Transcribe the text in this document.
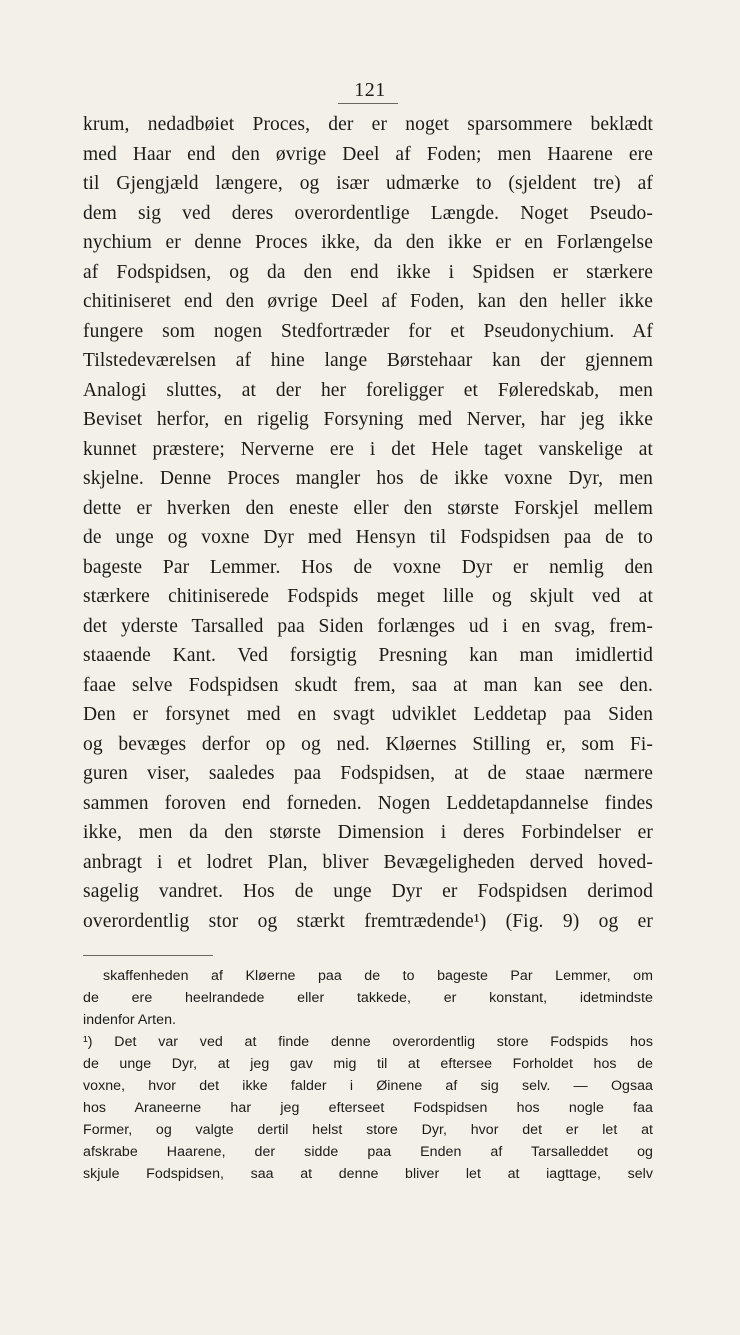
121
krum, nedadbøiet Proces, der er noget sparsommere beklædt
med Haar end den øvrige Deel af Foden; men Haarene ere
til Gjengjæld længere, og især udmærke to (sjeldent tre) af
dem sig ved deres overordentlige Længde. Noget Pseudo-
nychium er denne Proces ikke, da den ikke er en Forlængelse
af Fodspidsen, og da den end ikke i Spidsen er stærkere
chitiniseret end den øvrige Deel af Foden, kan den heller ikke
fungere som nogen Stedfortræder for et Pseudonychium. Af
Tilstedeværelsen af hine lange Børstehaar kan der gjennem
Analogi sluttes, at der her foreligger et Føleredskab, men
Beviset herfor, en rigelig Forsyning med Nerver, har jeg ikke
kunnet præstere; Nerverne ere i det Hele taget vanskelige at
skjelne. Denne Proces mangler hos de ikke voxne Dyr, men
dette er hverken den eneste eller den største Forskjel mellem
de unge og voxne Dyr med Hensyn til Fodspidsen paa de to
bageste Par Lemmer. Hos de voxne Dyr er nemlig den
stærkere chitiniserede Fodspids meget lille og skjult ved at
det yderste Tarsalled paa Siden forlænges ud i en svag, frem-
staaende Kant. Ved forsigtig Presning kan man imidlertid
faae selve Fodspidsen skudt frem, saa at man kan see den.
Den er forsynet med en svagt udviklet Leddetap paa Siden
og bevæges derfor op og ned. Kløernes Stilling er, som Fi-
guren viser, saaledes paa Fodspidsen, at de staae nærmere
sammen foroven end forneden. Nogen Leddetapdannelse findes
ikke, men da den største Dimension i deres Forbindelser er
anbragt i et lodret Plan, bliver Bevægeligheden derved hoved-
sagelig vandret. Hos de unge Dyr er Fodspidsen derimod
overordentlig stor og stærkt fremtrædende¹) (Fig. 9) og er
skaffenheden af Kløerne paa de to bageste Par Lemmer, om
de ere heelrandede eller takkede, er konstant, idetmindste
indenfor Arten.
¹) Det var ved at finde denne overordentlig store Fodspids hos
de unge Dyr, at jeg gav mig til at eftersee Forholdet hos de
voxne, hvor det ikke falder i Øinene af sig selv. — Ogsaa
hos Araneerne har jeg efterseet Fodspidsen hos nogle faa
Former, og valgte dertil helst store Dyr, hvor det er let at
afskrabe Haarene, der sidde paa Enden af Tarsalleddet og
skjule Fodspidsen, saa at denne bliver let at iagttage, selv
